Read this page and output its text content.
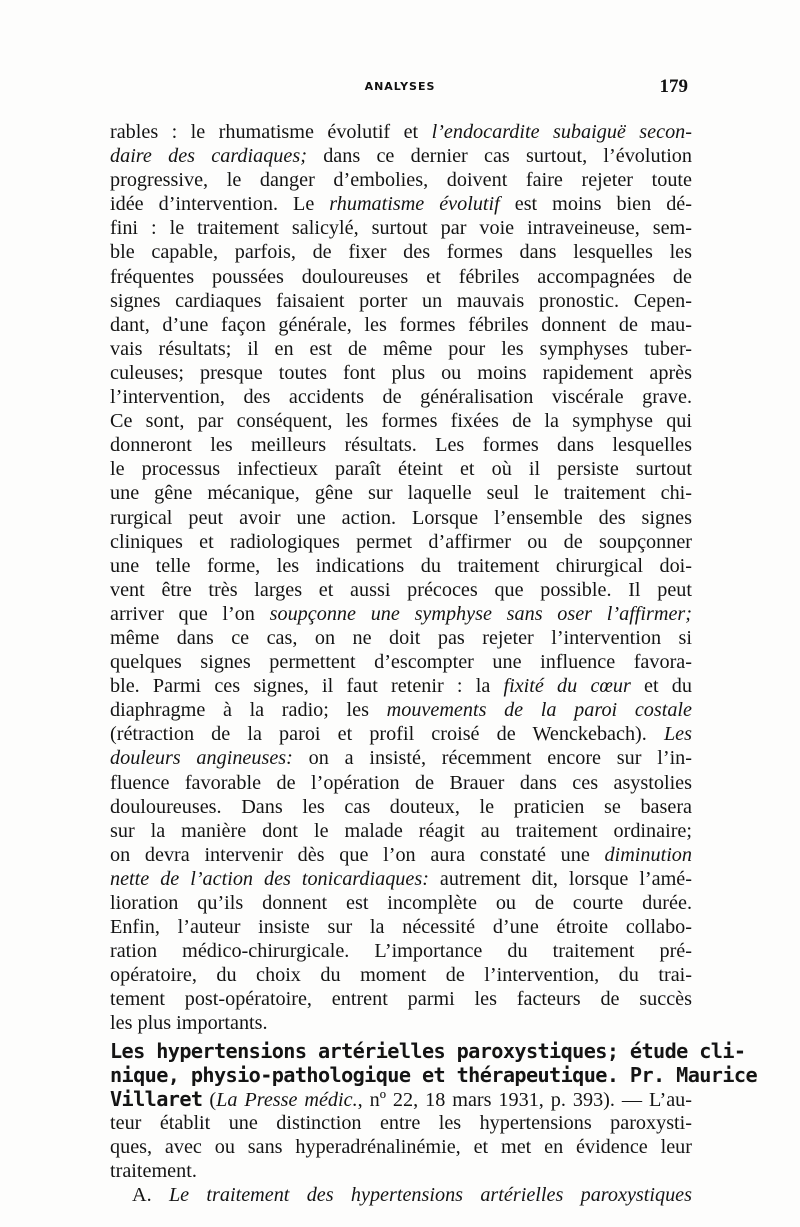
ANALYSES	179
rables : le rhumatisme évolutif et l’endocardite subaiguë secon-
daire des cardiaques; dans ce dernier cas surtout, l’évolution
progressive, le danger d’embolies, doivent faire rejeter toute
idée d’intervention. Le rhumatisme évolutif est moins bien dé-
fini : le traitement salicylé, surtout par voie intraveineuse, sem-
ble capable, parfois, de fixer des formes dans lesquelles les
fréquentes poussées douloureuses et fébriles accompagnées de
signes cardiaques faisaient porter un mauvais pronostic. Cepen-
dant, d’une façon générale, les formes fébriles donnent de mau-
vais résultats; il en est de même pour les symphyses tuber-
culeuses; presque toutes font plus ou moins rapidement après
l’intervention, des accidents de généralisation viscérale grave.
Ce sont, par conséquent, les formes fixées de la symphyse qui
donneront les meilleurs résultats. Les formes dans lesquelles
le processus infectieux paraît éteint et où il persiste surtout
une gêne mécanique, gêne sur laquelle seul le traitement chi-
rurgical peut avoir une action. Lorsque l’ensemble des signes
cliniques et radiologiques permet d’affirmer ou de soupçonner
une telle forme, les indications du traitement chirurgical doi-
vent être très larges et aussi précoces que possible. Il peut
arriver que l’on soupçonne une symphyse sans oser l’affirmer;
même dans ce cas, on ne doit pas rejeter l’intervention si
quelques signes permettent d’escompter une influence favora-
ble. Parmi ces signes, il faut retenir : la fixité du cœur et du
diaphragme à la radio; les mouvements de la paroi costale
(rétraction de la paroi et profil croisé de Wenckebach). Les
douleurs angineuses: on a insisté, récemment encore sur l’in-
fluence favorable de l’opération de Brauer dans ces asystolies
douloureuses. Dans les cas douteux, le praticien se basera
sur la manière dont le malade réagit au traitement ordinaire;
on devra intervenir dès que l’on aura constaté une diminution
nette de l’action des tonicardiaques: autrement dit, lorsque l’amé-
lioration qu’ils donnent est incomplète ou de courte durée.
Enfin, l’auteur insiste sur la nécessité d’une étroite collabo-
ration médico-chirurgicale. L’importance du traitement pré-
opératoire, du choix du moment de l’intervention, du trai-
tement post-opératoire, entrent parmi les facteurs de succès
les plus importants.
Les hypertensions artérielles paroxystiques; étude cli-
nique, physio-pathologique et thérapeutique. Pr. Maurice
Villaret (La Presse médic., nº 22, 18 mars 1931, p. 393). — L’au-
teur établit une distinction entre les hypertensions paroxysti-
ques, avec ou sans hyperadrénalinémie, et met en évidence leur
traitement.
A. Le traitement des hypertensions artérielles paroxystiques
